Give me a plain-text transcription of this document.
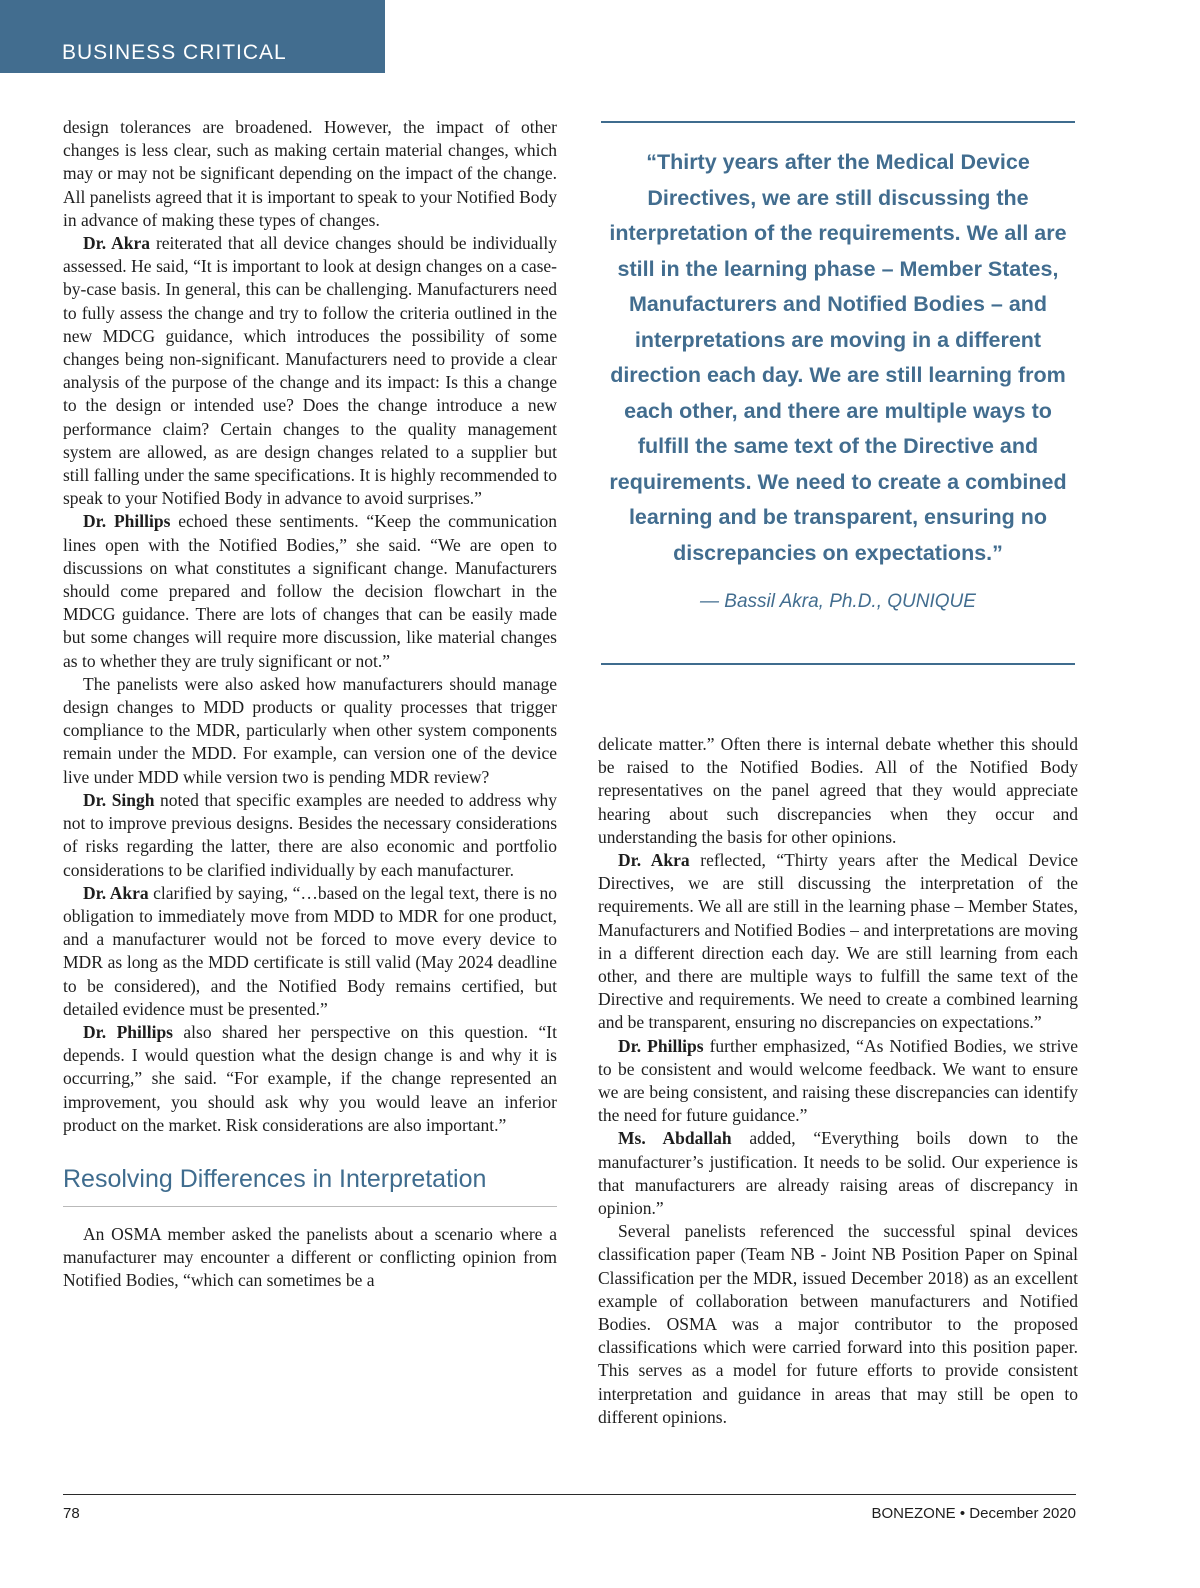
BUSINESS CRITICAL

design tolerances are broadened. However, the impact of other changes is less clear, such as making certain material changes, which may or may not be significant depending on the impact of the change. All panelists agreed that it is important to speak to your Notified Body in advance of making these types of changes.

Dr. Akra reiterated that all device changes should be individually assessed. He said, “It is important to look at design changes on a case-by-case basis. In general, this can be challenging. Manufacturers need to fully assess the change and try to follow the criteria outlined in the new MDCG guidance, which introduces the possibility of some changes being non-significant. Manufacturers need to provide a clear analysis of the purpose of the change and its impact: Is this a change to the design or intended use? Does the change introduce a new performance claim? Certain changes to the quality management system are allowed, as are design changes related to a supplier but still falling under the same specifications. It is highly recommended to speak to your Notified Body in advance to avoid surprises.”

Dr. Phillips echoed these sentiments. “Keep the communication lines open with the Notified Bodies,” she said. “We are open to discussions on what constitutes a significant change. Manufacturers should come prepared and follow the decision flowchart in the MDCG guidance. There are lots of changes that can be easily made but some changes will require more discussion, like material changes as to whether they are truly significant or not.”

The panelists were also asked how manufacturers should manage design changes to MDD products or quality processes that trigger compliance to the MDR, particularly when other system components remain under the MDD. For example, can version one of the device live under MDD while version two is pending MDR review?

Dr. Singh noted that specific examples are needed to address why not to improve previous designs. Besides the necessary considerations of risks regarding the latter, there are also economic and portfolio considerations to be clarified individually by each manufacturer.

Dr. Akra clarified by saying, “…based on the legal text, there is no obligation to immediately move from MDD to MDR for one product, and a manufacturer would not be forced to move every device to MDR as long as the MDD certificate is still valid (May 2024 deadline to be considered), and the Notified Body remains certified, but detailed evidence must be presented.”

Dr. Phillips also shared her perspective on this question. “It depends. I would question what the design change is and why it is occurring,” she said. “For example, if the change represented an improvement, you should ask why you would leave an inferior product on the market. Risk considerations are also important.”

Resolving Differences in Interpretation

An OSMA member asked the panelists about a scenario where a manufacturer may encounter a different or conflicting opinion from Notified Bodies, “which can sometimes be a

“Thirty years after the Medical Device Directives, we are still discussing the interpretation of the requirements. We all are still in the learning phase – Member States, Manufacturers and Notified Bodies – and interpretations are moving in a different direction each day. We are still learning from each other, and there are multiple ways to fulfill the same text of the Directive and requirements. We need to create a combined learning and be transparent, ensuring no discrepancies on expectations.”

— Bassil Akra, Ph.D., QUNIQUE

delicate matter.” Often there is internal debate whether this should be raised to the Notified Bodies. All of the Notified Body representatives on the panel agreed that they would appreciate hearing about such discrepancies when they occur and understanding the basis for other opinions.

Dr. Akra reflected, “Thirty years after the Medical Device Directives, we are still discussing the interpretation of the requirements. We all are still in the learning phase – Member States, Manufacturers and Notified Bodies – and interpretations are moving in a different direction each day. We are still learning from each other, and there are multiple ways to fulfill the same text of the Directive and requirements. We need to create a combined learning and be transparent, ensuring no discrepancies on expectations.”

Dr. Phillips further emphasized, “As Notified Bodies, we strive to be consistent and would welcome feedback. We want to ensure we are being consistent, and raising these discrepancies can identify the need for future guidance.”

Ms. Abdallah added, “Everything boils down to the manufacturer’s justification. It needs to be solid. Our experience is that manufacturers are already raising areas of discrepancy in opinion.”

Several panelists referenced the successful spinal devices classification paper (Team NB - Joint NB Position Paper on Spinal Classification per the MDR, issued December 2018) as an excellent example of collaboration between manufacturers and Notified Bodies. OSMA was a major contributor to the proposed classifications which were carried forward into this position paper. This serves as a model for future efforts to provide consistent interpretation and guidance in areas that may still be open to different opinions.

78	BONEZONE • December 2020
